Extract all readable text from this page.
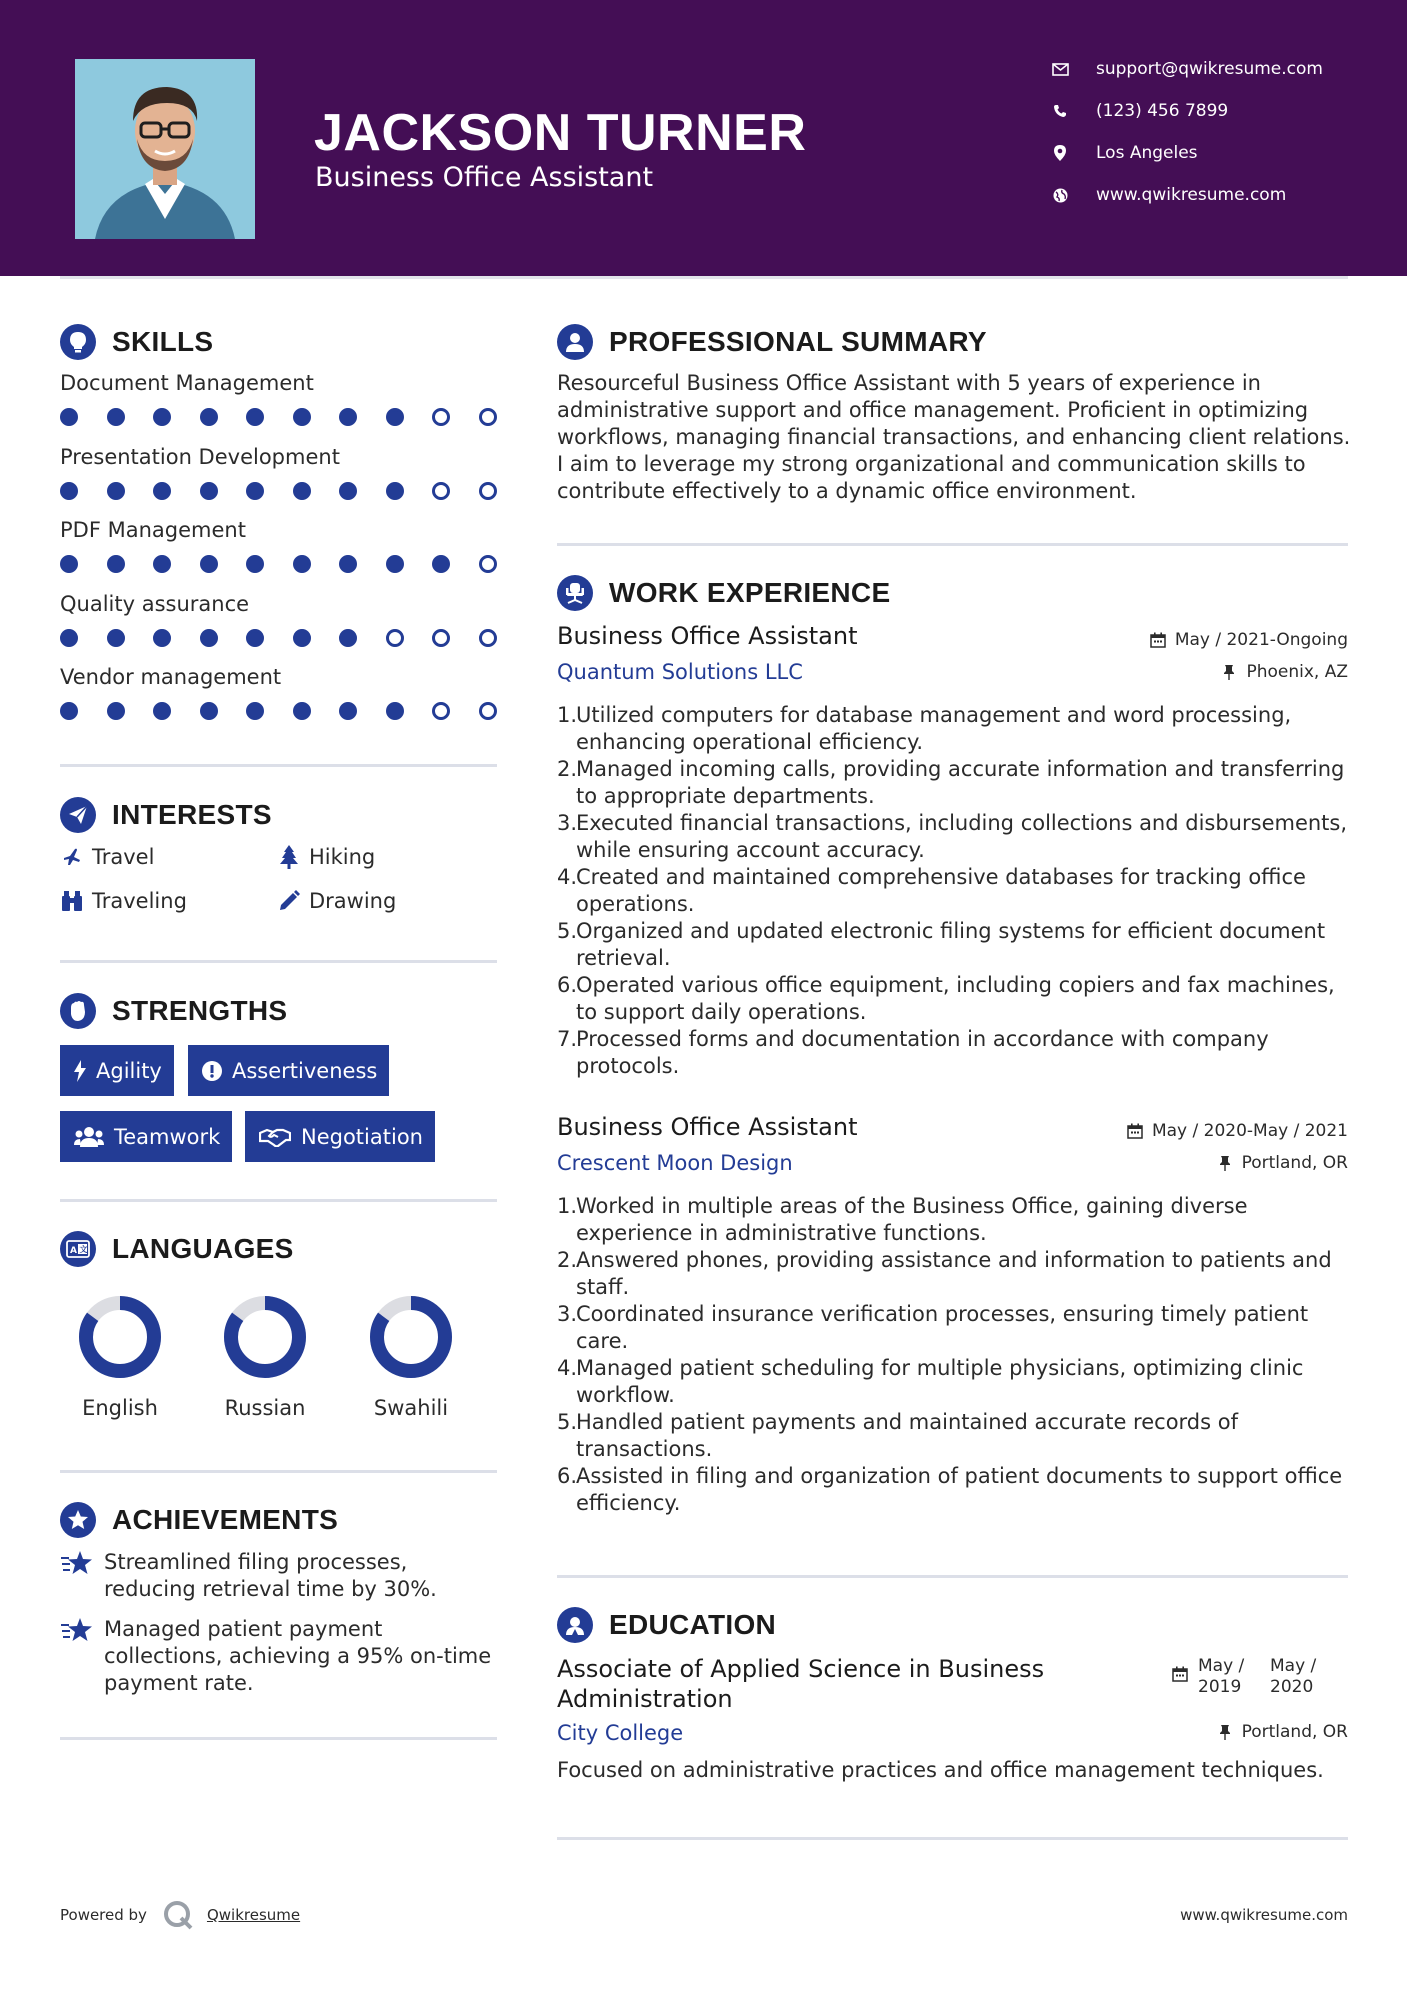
JACKSON TURNER
Business Office Assistant
support@qwikresume.com
(123) 456 7899
Los Angeles
www.qwikresume.com
SKILLS
Document Management
Presentation Development
PDF Management
Quality assurance
Vendor management
INTERESTS
Travel	Hiking
Traveling	Drawing
STRENGTHS
Agility	Assertiveness
Teamwork	Negotiation
A 文 LANGUAGES
English	Russian	Swahili
ACHIEVEMENTS
Streamlined filing processes,
reducing retrieval time by 30%.
Managed patient payment
collections, achieving a 95% on-time
payment rate.
PROFESSIONAL SUMMARY
Resourceful Business Office Assistant with 5 years of experience in
administrative support and office management. Proficient in optimizing
workflows, managing financial transactions, and enhancing client relations.
I aim to leverage my strong organizational and communication skills to
contribute effectively to a dynamic office environment.
WORK EXPERIENCE
Business Office Assistant	May / 2021-Ongoing
Quantum Solutions LLC	Phoenix, AZ
1.
Utilized computers for database management and word processing,
enhancing operational efficiency.
2.
Managed incoming calls, providing accurate information and transferring
to appropriate departments.
3.
Executed financial transactions, including collections and disbursements,
while ensuring account accuracy.
4.
Created and maintained comprehensive databases for tracking office
operations.
5.
Organized and updated electronic filing systems for efficient document
retrieval.
6.
Operated various office equipment, including copiers and fax machines,
to support daily operations.
7.
Processed forms and documentation in accordance with company
protocols.
Business Office Assistant	May / 2020-May / 2021
Crescent Moon Design	Portland, OR
1.
Worked in multiple areas of the Business Office, gaining diverse
experience in administrative functions.
2.
Answered phones, providing assistance and information to patients and
staff.
3.
Coordinated insurance verification processes, ensuring timely patient
care.
4.
Managed patient scheduling for multiple physicians, optimizing clinic
workflow.
5.
Handled patient payments and maintained accurate records of
transactions.
6.
Assisted in filing and organization of patient documents to support office
efficiency.
EDUCATION
Associate of Applied Science in Business
Administration
May /
2019
May /
2020
City College	Portland, OR
Focused on administrative practices and office management techniques.
Powered by	Qwikresume	www.qwikresume.com
